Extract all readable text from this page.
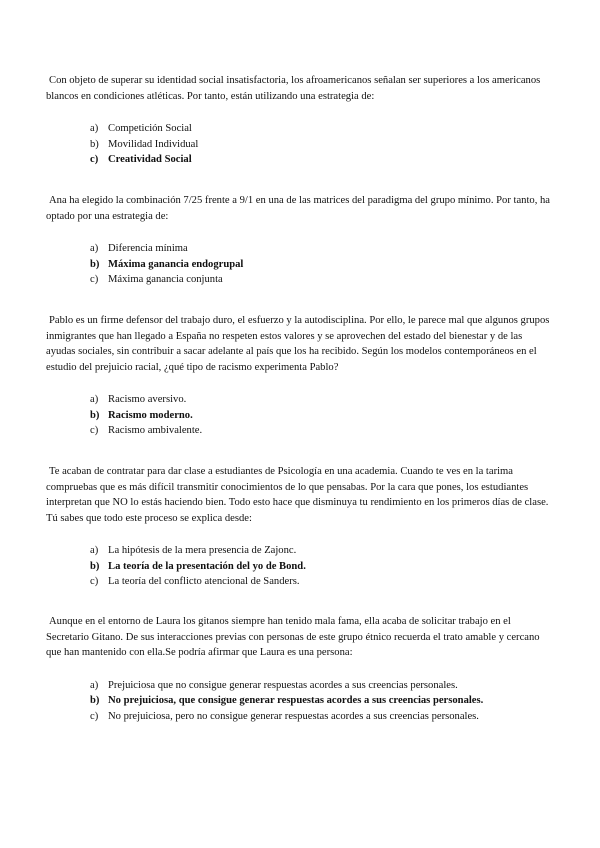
Con objeto de superar su identidad social insatisfactoria, los afroamericanos señalan ser superiores a los americanos blancos en condiciones atléticas. Por tanto, están utilizando una estrategia de:

a) Competición Social
b) Movilidad Individual
c) Creatividad Social

Ana ha elegido la combinación 7/25 frente a 9/1 en una de las matrices del paradigma del grupo mínimo. Por tanto, ha optado por una estrategia de:

a) Diferencia mínima
b) Máxima ganancia endogrupal
c) Máxima ganancia conjunta

Pablo es un firme defensor del trabajo duro, el esfuerzo y la autodisciplina. Por ello, le parece mal que algunos grupos inmigrantes que han llegado a España no respeten estos valores y se aprovechen del estado del bienestar y de las ayudas sociales, sin contribuir a sacar adelante al país que los ha recibido. Según los modelos contemporáneos en el estudio del prejuicio racial, ¿qué tipo de racismo experimenta Pablo?

a) Racismo aversivo.
b) Racismo moderno.
c) Racismo ambivalente.

Te acaban de contratar para dar clase a estudiantes de Psicología en una academia. Cuando te ves en la tarima compruebas que es más difícil transmitir conocimientos de lo que pensabas. Por la cara que pones, los estudiantes interpretan que NO lo estás haciendo bien. Todo esto hace que disminuya tu rendimiento en los primeros días de clase. Tú sabes que todo este proceso se explica desde:

a) La hipótesis de la mera presencia de Zajonc.
b) La teoría de la presentación del yo de Bond.
c) La teoría del conflicto atencional de Sanders.

Aunque en el entorno de Laura los gitanos siempre han tenido mala fama, ella acaba de solicitar trabajo en el Secretario Gitano. De sus interacciones previas con personas de este grupo étnico recuerda el trato amable y cercano que han mantenido con ella.Se podría afirmar que Laura es una persona:

a) Prejuiciosa que no consigue generar respuestas acordes a sus creencias personales.
b) No prejuiciosa, que consigue generar respuestas acordes a sus creencias personales.
c) No prejuiciosa, pero no consigue generar respuestas acordes a sus creencias personales.
